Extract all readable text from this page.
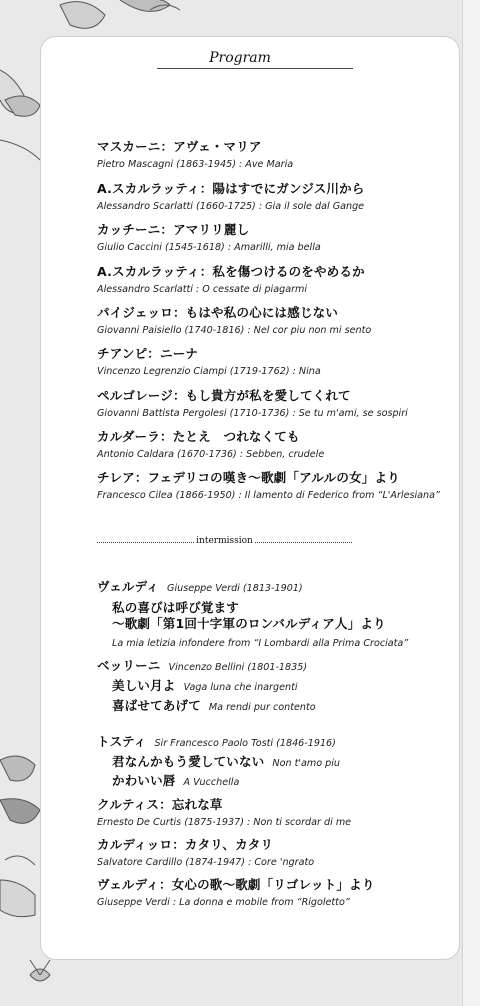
Program
マスカーニ：アヴェ・マリア
Pietro Mascagni (1863-1945) : Ave Maria
A.スカルラッティ：陽はすでにガンジス川から
Alessandro Scarlatti (1660-1725) : Gia il sole dal Gange
カッチーニ：アマリリ麗し
Giulio Caccini (1545-1618) : Amarilli, mia bella
A.スカルラッティ：私を傷つけるのをやめるか
Alessandro Scarlatti : O cessate di piagarmi
パイジェッロ：もはや私の心には感じない
Giovanni Paisiello (1740-1816) : Nel cor piu non mi sento
チアンピ：ニーナ
Vincenzo Legrenzio Ciampi (1719-1762) : Nina
ペルゴレージ：もし貴方が私を愛してくれて
Giovanni Battista Pergolesi (1710-1736) : Se tu m'ami, se sospiri
カルダーラ：たとえ　つれなくても
Antonio Caldara (1670-1736) : Sebben, crudele
チレア：フェデリコの嘆き～歌劇「アルルの女」より
Francesco Cilea (1866-1950) : Il lamento di Federico from “L'Arlesiana”
intermission
ヴェルディ Giuseppe Verdi (1813-1901)
私の喜びは呼び覚ます
～歌劇「第1回十字軍のロンバルディア人」より
La mia letizia infondere from “I Lombardi alla Prima Crociata”
ベッリーニ Vincenzo Bellini (1801-1835)
美しい月よ Vaga luna che inargenti
喜ばせてあげて Ma rendi pur contento
トスティ Sir Francesco Paolo Tosti (1846-1916)
君なんかもう愛していない Non t'amo piu
かわいい唇 A Vucchella
クルティス：忘れな草
Ernesto De Curtis (1875-1937) : Non ti scordar di me
カルディッロ：カタリ、カタリ
Salvatore Cardillo (1874-1947) : Core 'ngrato
ヴェルディ：女心の歌～歌劇「リゴレット」より
Giuseppe Verdi : La donna e mobile from “Rigoletto”
